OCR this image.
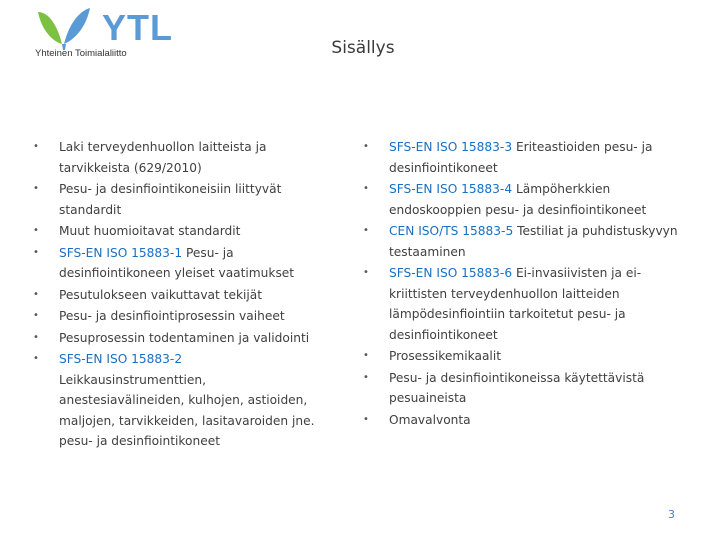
YTL
Yhteinen Toimialaliitto	Sisällys
• Laki terveydenhuollon laitteista ja tarvikkeista (629/2010)
• Pesu- ja desinfiointikoneisiin liittyvät standardit
• Muut huomioitavat standardit
• SFS-EN ISO 15883-1 Pesu- ja desinfiointikoneen yleiset vaatimukset
• Pesutulokseen vaikuttavat tekijät
• Pesu- ja desinfiointiprosessin vaiheet
• Pesuprosessin todentaminen ja validointi
• SFS-EN ISO 15883-2 Leikkausinstrumenttien, anestesiavälineiden, kulhojen, astioiden, maljojen, tarvikkeiden, lasitavaroiden jne. pesu- ja desinfiointikoneet
• SFS-EN ISO 15883-3 Eriteastioiden pesu- ja desinfiointikoneet
• SFS-EN ISO 15883-4 Lämpöherkkien endoskooppien pesu- ja desinfiointikoneet
• CEN ISO/TS 15883-5 Testiliat ja puhdistuskyvyn testaaminen
• SFS-EN ISO 15883-6 Ei-invasiivisten ja ei-kriittisten terveydenhuollon laitteiden lämpödesinfiointiin tarkoitetut pesu- ja desinfiointikoneet
• Prosessikemikaalit
• Pesu- ja desinfiointikoneissa käytettävistä pesuaineista
• Omavalvonta
3
